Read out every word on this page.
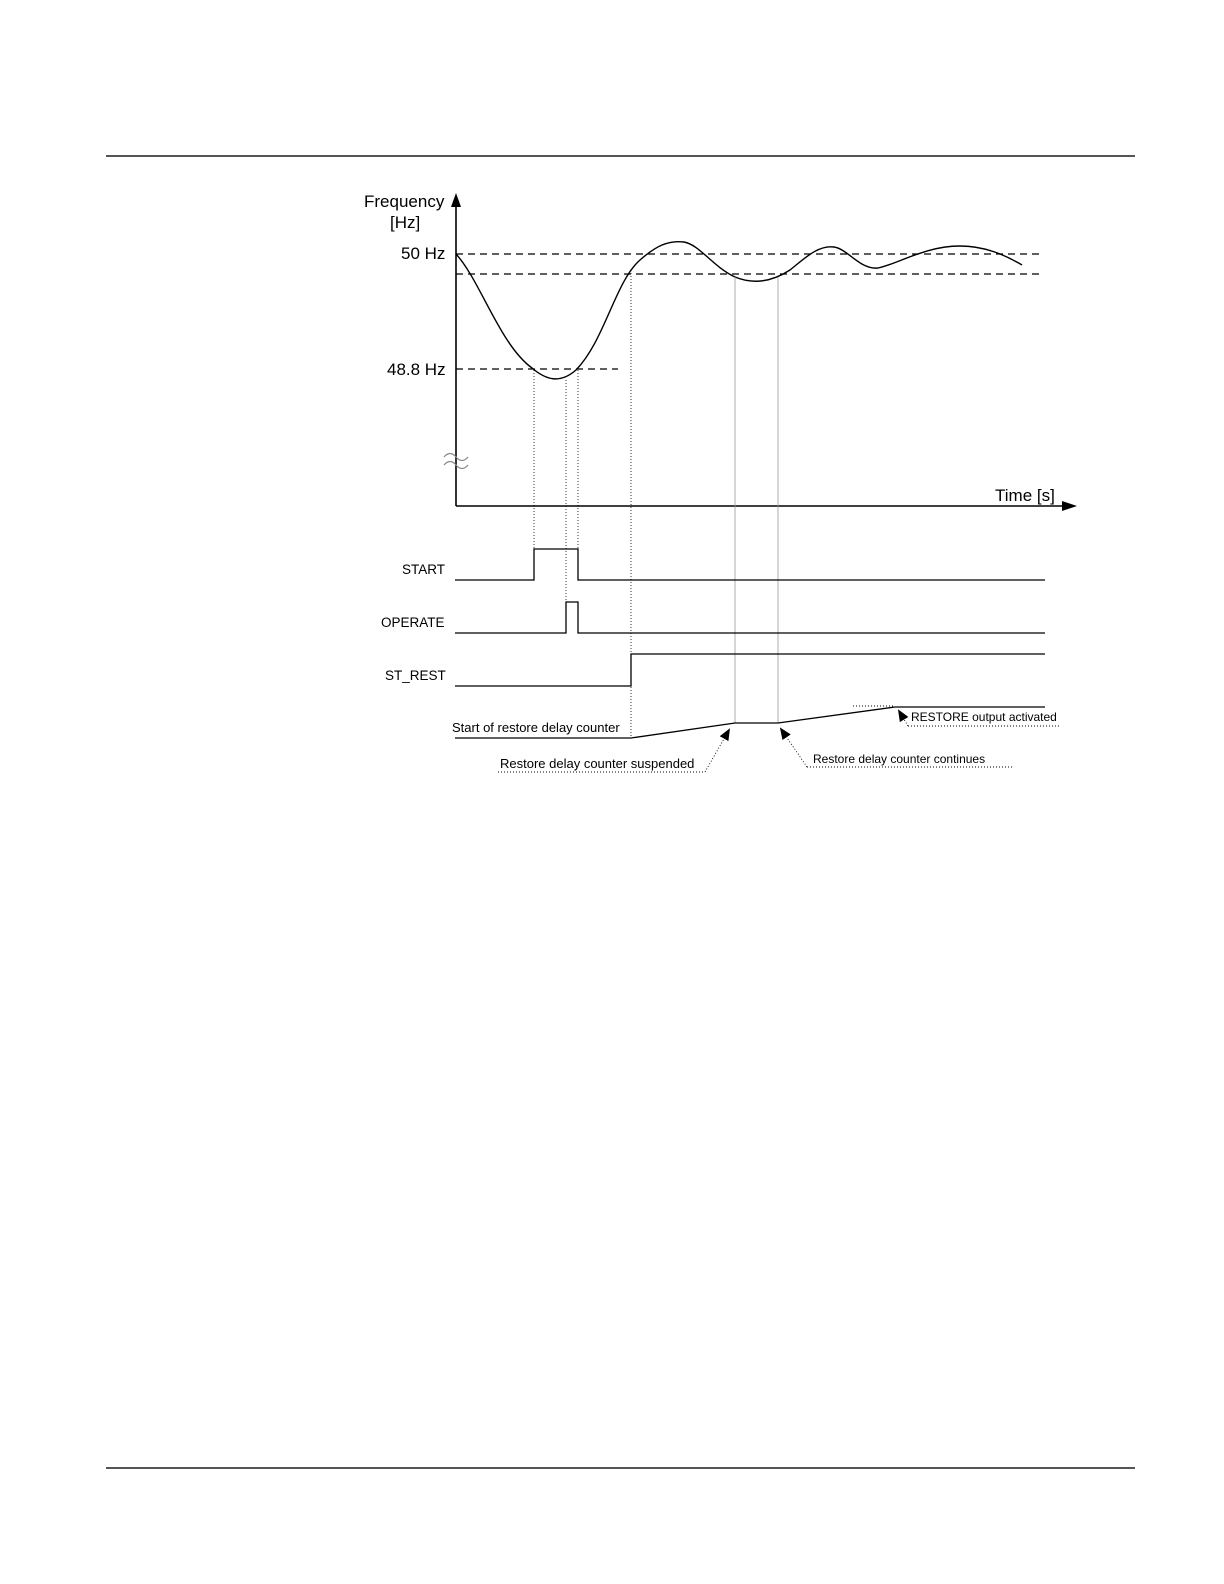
Frequency
[Hz]
Time [s]
50 Hz
48.8 Hz
START
OPERATE
ST_REST
Start of restore delay counter
Restore delay counter suspended	Restore delay counter continues
RESTORE output activated
